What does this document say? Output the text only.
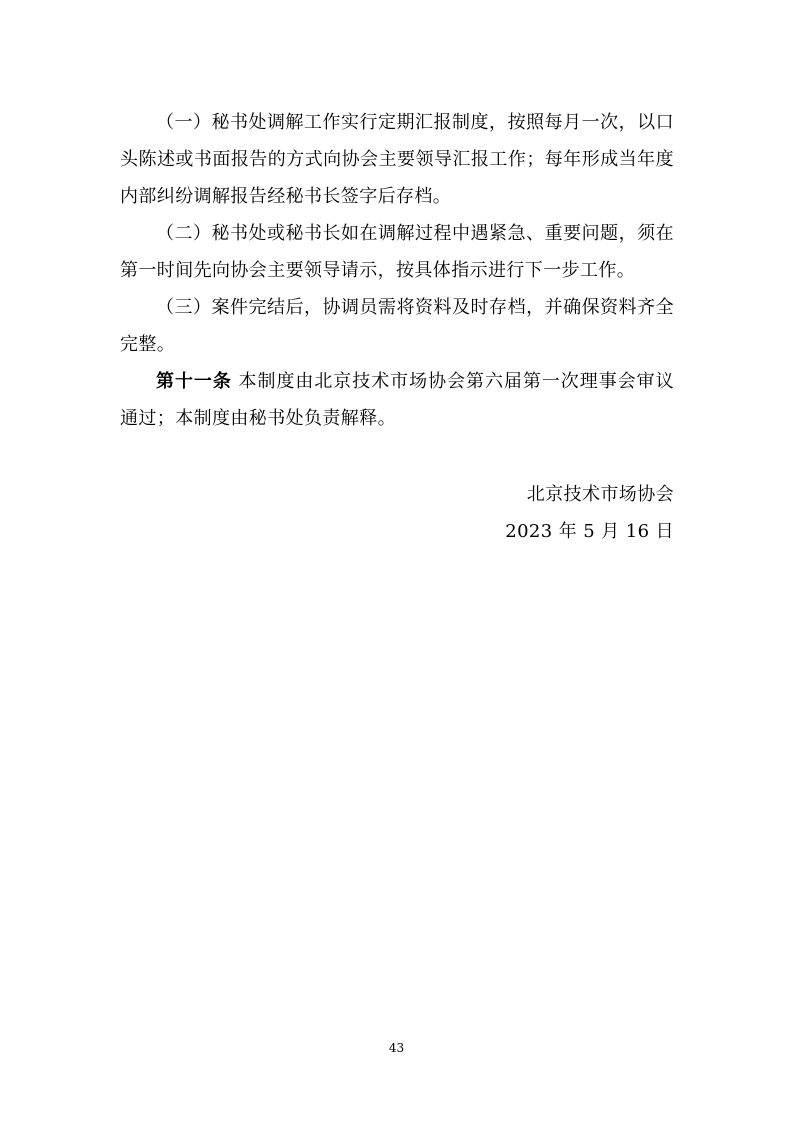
（一）秘书处调解工作实行定期汇报制度，按照每月一次，以口头陈述或书面报告的方式向协会主要领导汇报工作；每年形成当年度内部纠纷调解报告经秘书长签字后存档。

（二）秘书处或秘书长如在调解过程中遇紧急、重要问题，须在第一时间先向协会主要领导请示，按具体指示进行下一步工作。

（三）案件完结后，协调员需将资料及时存档，并确保资料齐全完整。

第十一条 本制度由北京技术市场协会第六届第一次理事会审议通过；本制度由秘书处负责解释。

北京技术市场协会
2023 年 5 月 16 日
43
